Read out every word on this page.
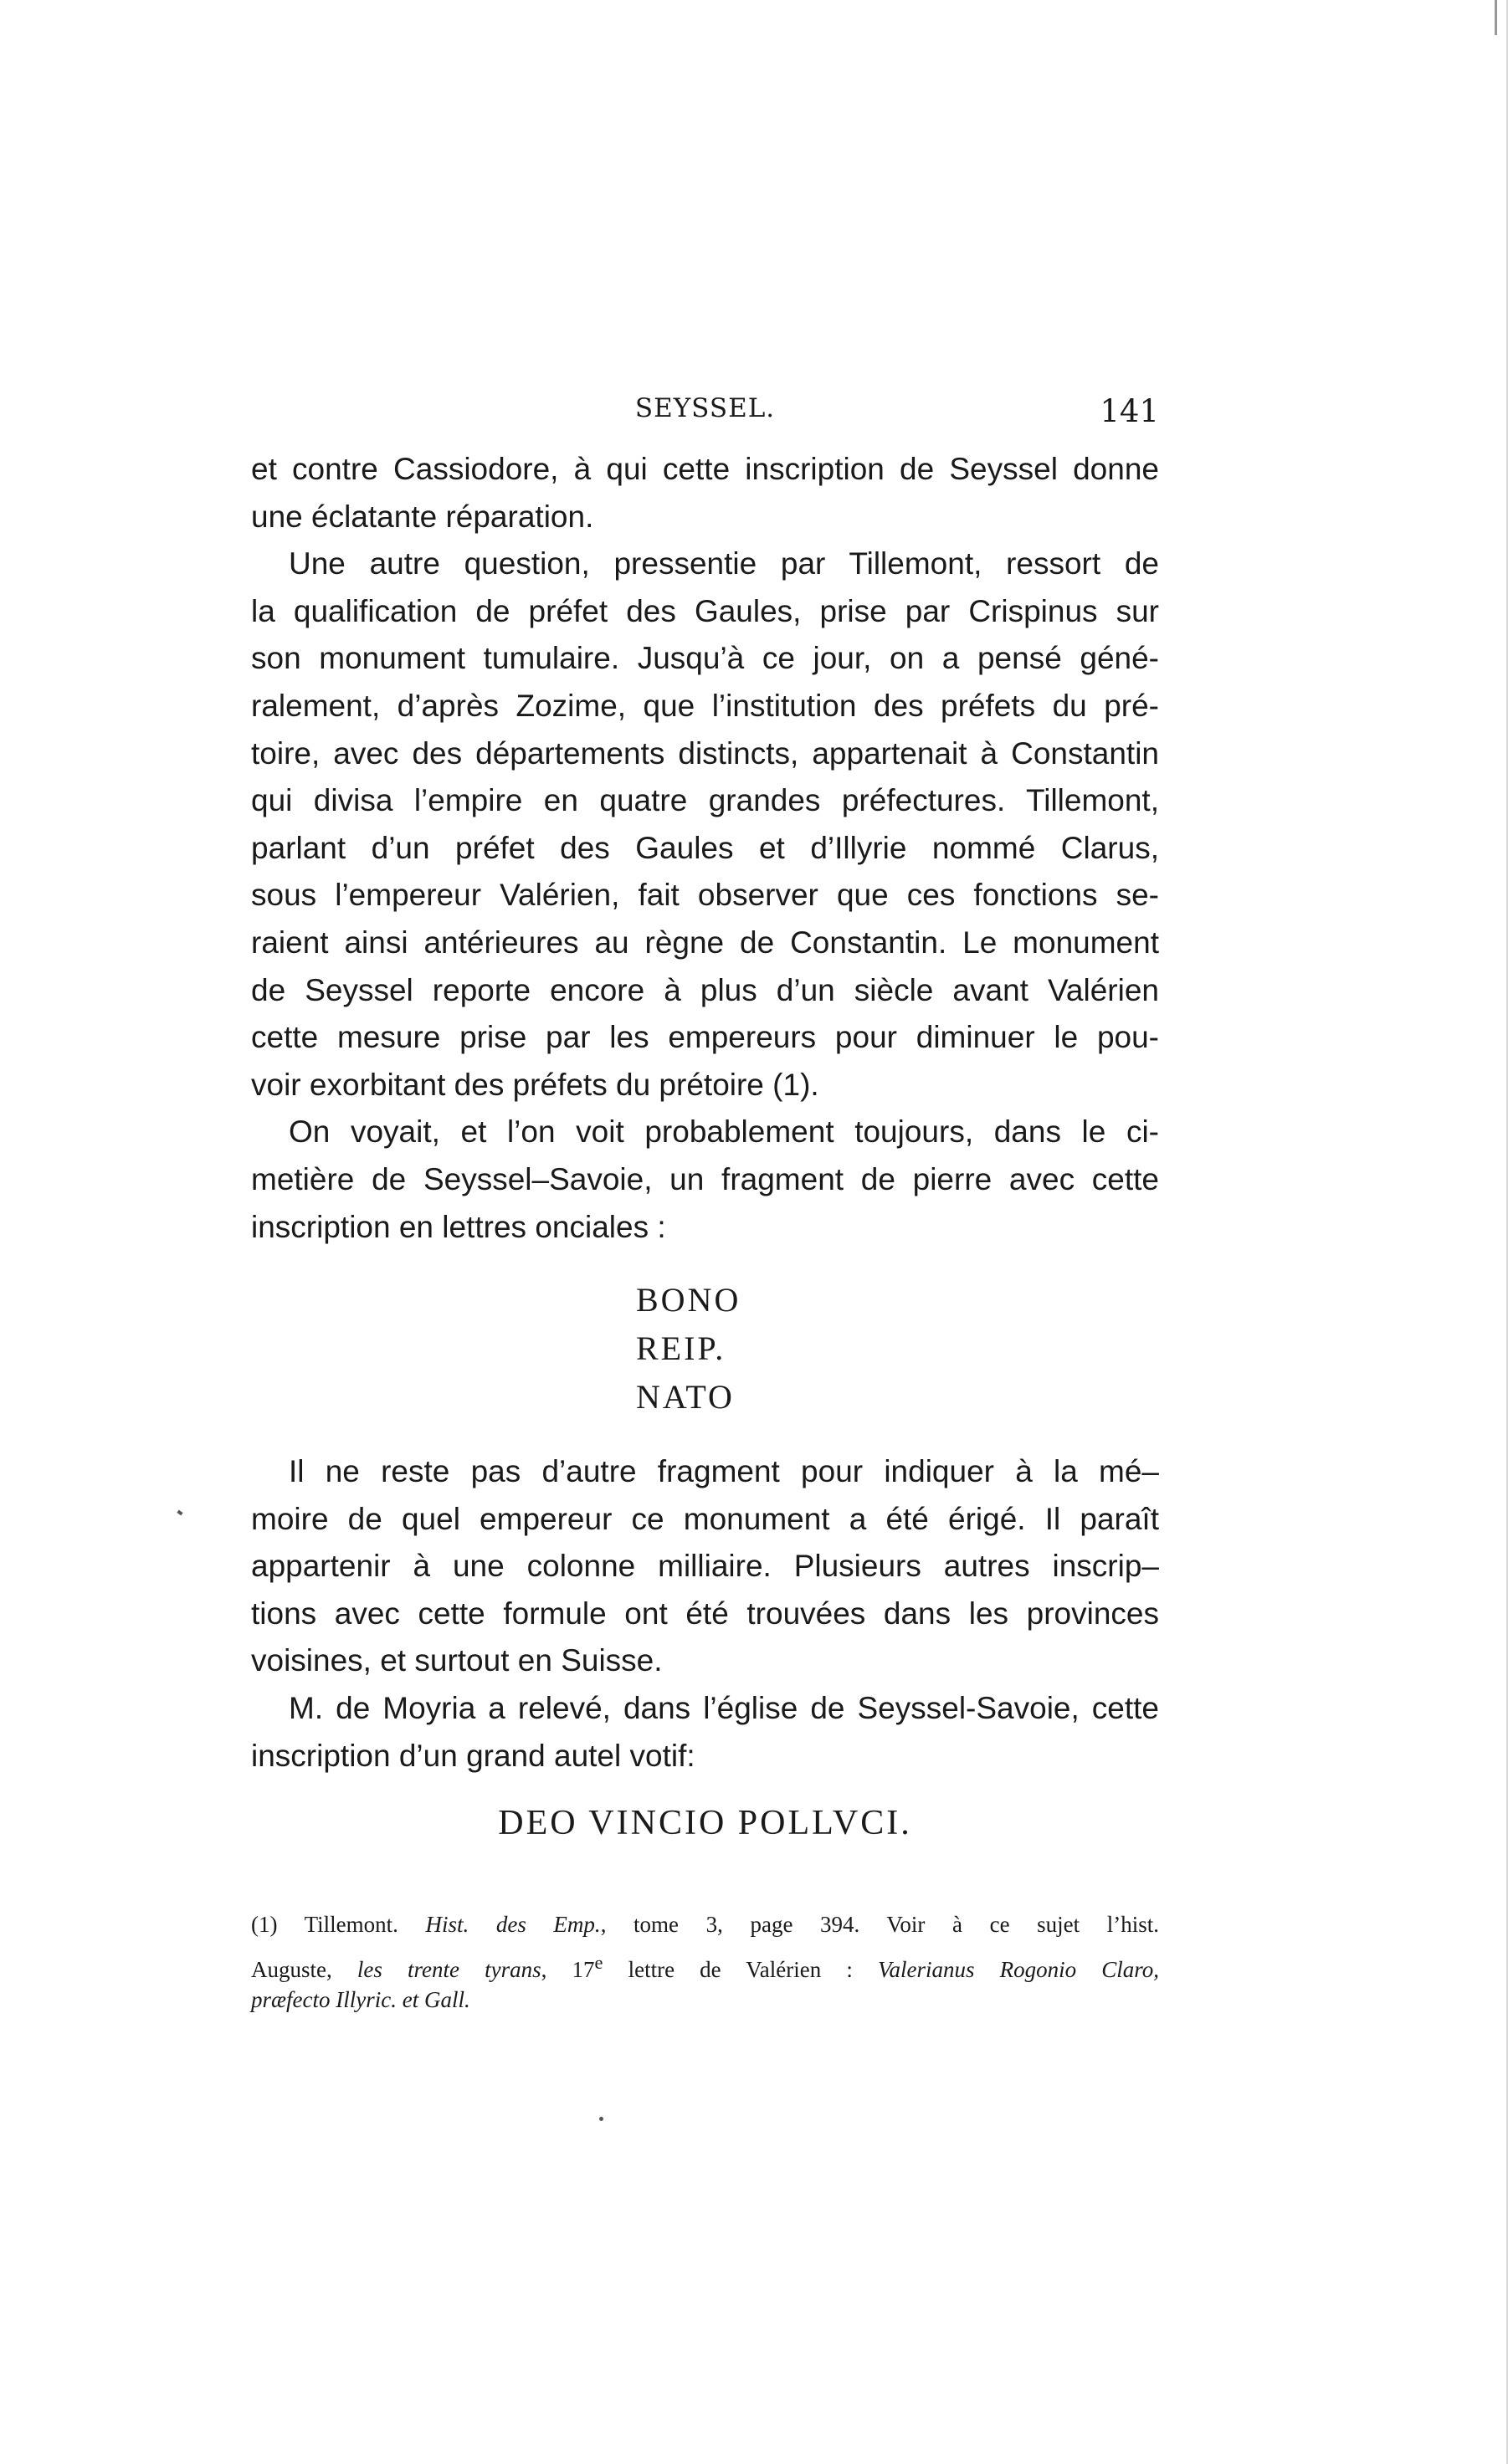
SEYSSEL.	141
et contre Cassiodore, à qui cette inscription de Seyssel donne
une éclatante réparation.
Une autre question, pressentie par Tillemont, ressort de
la qualification de préfet des Gaules, prise par Crispinus sur
son monument tumulaire. Jusqu’à ce jour, on a pensé géné-
ralement, d’après Zozime, que l’institution des préfets du pré-
toire, avec des départements distincts, appartenait à Constantin
qui divisa l’empire en quatre grandes préfectures. Tillemont,
parlant d’un préfet des Gaules et d’Illyrie nommé Clarus,
sous l’empereur Valérien, fait observer que ces fonctions se-
raient ainsi antérieures au règne de Constantin. Le monument
de Seyssel reporte encore à plus d’un siècle avant Valérien
cette mesure prise par les empereurs pour diminuer le pou-
voir exorbitant des préfets du prétoire (1).
On voyait, et l’on voit probablement toujours, dans le ci-
metière de Seyssel–Savoie, un fragment de pierre avec cette
inscription en lettres onciales :
BONO
REIP.
NATO
Il ne reste pas d’autre fragment pour indiquer à la mé–
moire de quel empereur ce monument a été érigé. Il paraît
appartenir à une colonne milliaire. Plusieurs autres inscrip–
tions avec cette formule ont été trouvées dans les provinces
voisines, et surtout en Suisse.
M. de Moyria a relevé, dans l’église de Seyssel-Savoie, cette
inscription d’un grand autel votif:
DEO VINCIO POLLVCI.
(1) Tillemont. Hist. des Emp., tome 3, page 394. Voir à ce sujet l’hist.
Auguste, les trente tyrans, 17e lettre de Valérien : Valerianus Rogonio Claro,
præfecto Illyric. et Gall.
